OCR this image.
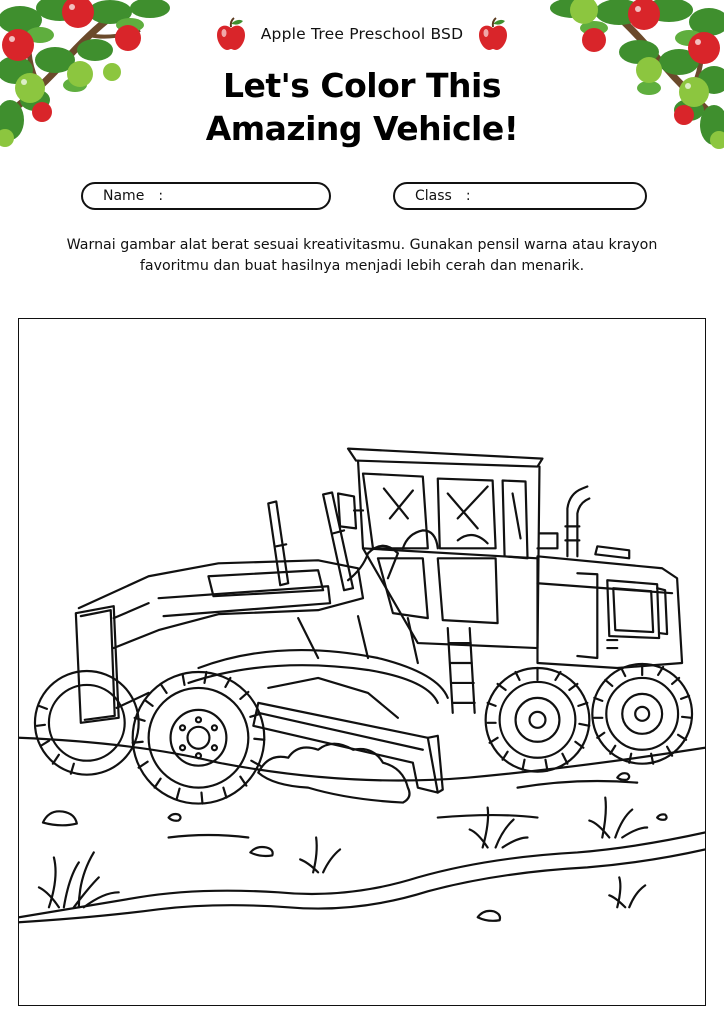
Apple Tree Preschool BSD
Let's Color This
Amazing Vehicle!
Name :	Class :
Warnai gambar alat berat sesuai kreativitasmu. Gunakan pensil warna atau krayon favoritmu dan buat hasilnya menjadi lebih cerah dan menarik.
